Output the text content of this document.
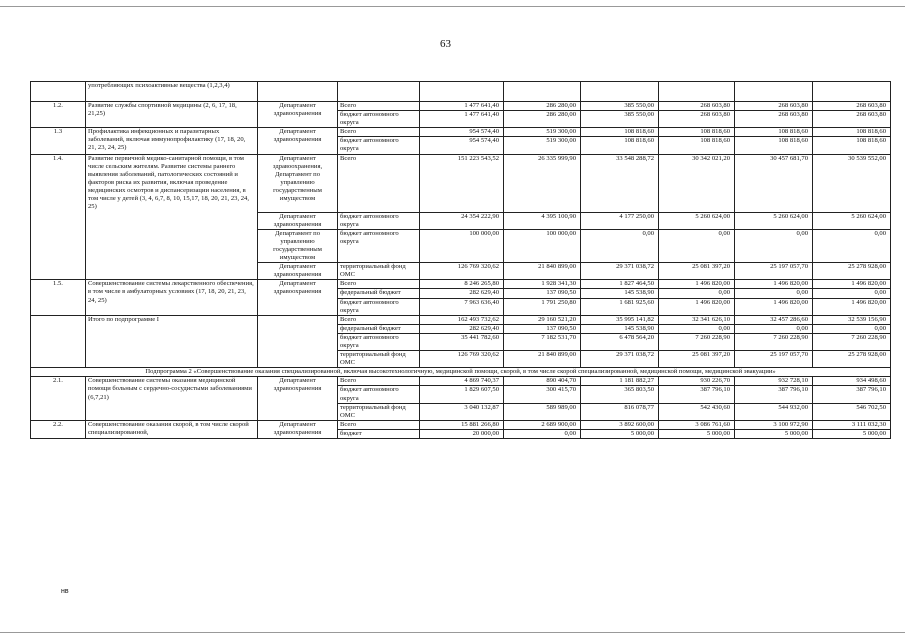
63
	употребляющих психоактивные вещества (1,2,3,4)								
1.2.	Развитие службы спортивной медицины (2, 6, 17, 18, 21,25)	Департамент здравоохранения	Всего	1 477 641,40	286 280,00	385 550,00	268 603,80	268 603,80	268 603,80
			бюджет автономного округа	1 477 641,40	286 280,00	385 550,00	268 603,80	268 603,80	268 603,80
1.3	Профилактика инфекционных и паразитарных заболеваний, включая иммунопрофилактику (17, 18, 20, 21, 23, 24, 25)	Департамент здравоохранения	Всего	954 574,40	519 300,00	108 818,60	108 818,60	108 818,60	108 818,60
			бюджет автономного округа	954 574,40	519 300,00	108 818,60	108 818,60	108 818,60	108 818,60
1.4.	Развитие первичной медико-санитарной помощи, в том числе сельским жителям. Развитие системы раннего выявления заболеваний, патологических состояний и факторов риска их развития, включая проведение медицинских осмотров и диспансеризации населения, в том числе у детей (3, 4, 6,7, 8, 10, 15,17, 18, 20, 21, 23, 24, 25)	Департамент здравоохранения, Департамент по управлению государственным имуществом	Всего	151 223 543,52	26 335 999,90	33 548 288,72	30 342 021,20	30 457 681,70	30 539 552,00
		Департамент здравоохранения	бюджет автономного округа	24 354 222,90	4 395 100,90	4 177 250,00	5 260 624,00	5 260 624,00	5 260 624,00
		Департамент по управлению государственным имуществом	бюджет автономного округа	100 000,00	100 000,00	0,00	0,00	0,00	0,00
		Департамент здравоохранения	территориальный фонд ОМС	126 769 320,62	21 840 899,00	29 371 038,72	25 081 397,20	25 197 057,70	25 278 928,00
1.5.	Совершенствование системы лекарственного обеспечения, в том числе в амбулаторных условиях (17, 18, 20, 21, 23, 24, 25)	Департамент здравоохранения	Всего	8 246 265,80	1 928 341,30	1 827 464,50	1 496 820,00	1 496 820,00	1 496 820,00
			федеральный бюджет	282 629,40	137 090,50	145 538,90	0,00	0,00	0,00
			бюджет автономного округа	7 963 636,40	1 791 250,80	1 681 925,60	1 496 820,00	1 496 820,00	1 496 820,00
	Итого по подпрограмме I		Всего	162 493 732,62	29 160 521,20	35 995 141,82	32 341 626,10	32 457 286,60	32 539 156,90
			федеральный бюджет	282 629,40	137 090,50	145 538,90	0,00	0,00	0,00
			бюджет автономного округа	35 441 782,60	7 182 531,70	6 478 564,20	7 260 228,90	7 260 228,90	7 260 228,90
			территориальный фонд ОМС	126 769 320,62	21 840 899,00	29 371 038,72	25 081 397,20	25 197 057,70	25 278 928,00
Подпрограмма 2 «Совершенствование оказания специализированной, включая высокотехнологичную, медицинской помощи, скорой, в том числе скорой специализированной, медицинской помощи, медицинской эвакуации»									
2.1.	Совершенствование системы оказания медицинской помощи больным с сердечно-сосудистыми заболеваниями (6,7,21)	Департамент здравоохранения	Всего	4 869 740,37	890 404,70	1 181 882,27	930 226,70	932 728,10	934 498,60
			бюджет автономного округа	1 829 607,50	300 415,70	365 803,50	387 796,10	387 796,10	387 796,10
			территориальный фонд ОМС	3 040 132,87	589 989,00	816 078,77	542 430,60	544 932,00	546 702,50
2.2.	Совершенствование оказания скорой, в том числе скорой специализированной,	Департамент здравоохранения	Всего	15 881 266,80	2 689 900,00	3 892 600,00	3 086 761,60	3 100 972,90	3 111 032,30
			бюджет	20 000,00	0,00	5 000,00	5 000,00	5 000,00	5 000,00
нв
